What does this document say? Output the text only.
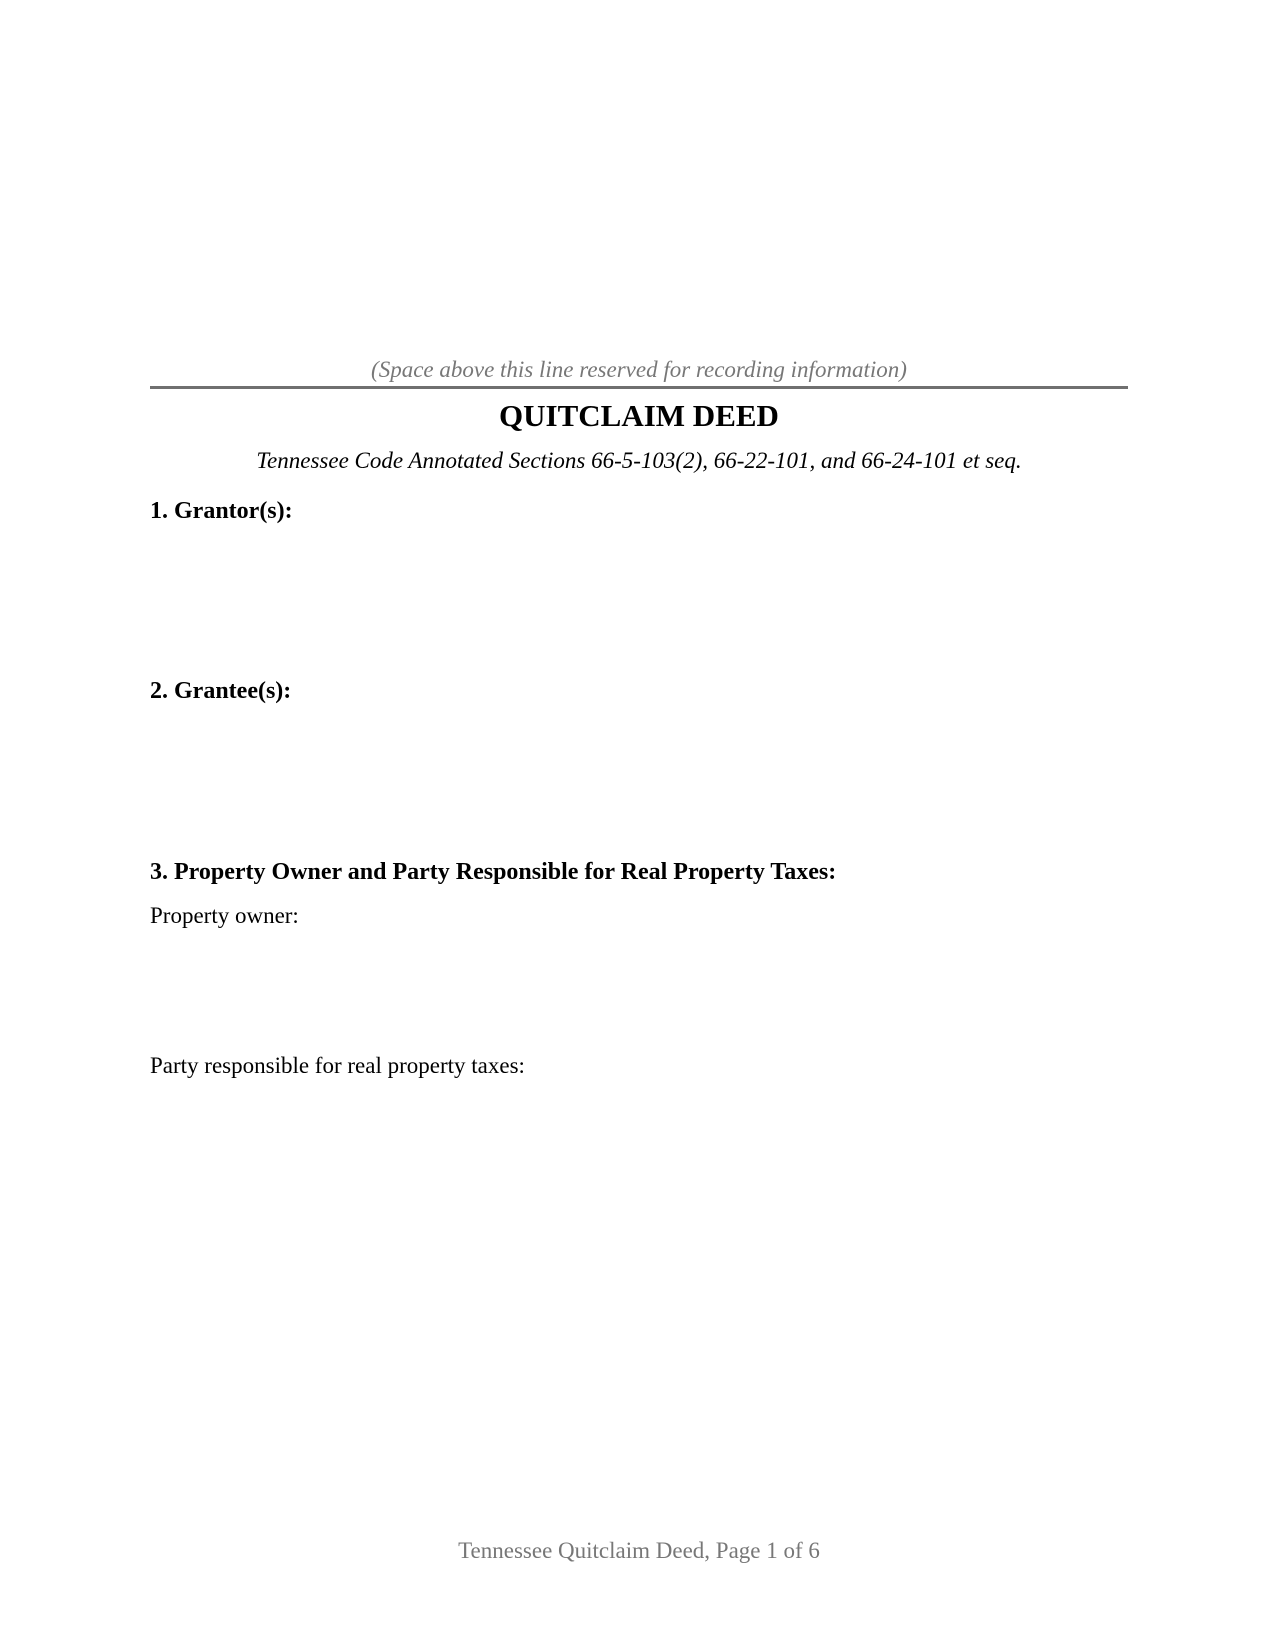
(Space above this line reserved for recording information)
QUITCLAIM DEED
Tennessee Code Annotated Sections 66-5-103(2), 66-22-101, and 66-24-101 et seq.
1. Grantor(s):
2. Grantee(s):
3. Property Owner and Party Responsible for Real Property Taxes:
Property owner:
Party responsible for real property taxes:
Tennessee Quitclaim Deed, Page 1 of 6
